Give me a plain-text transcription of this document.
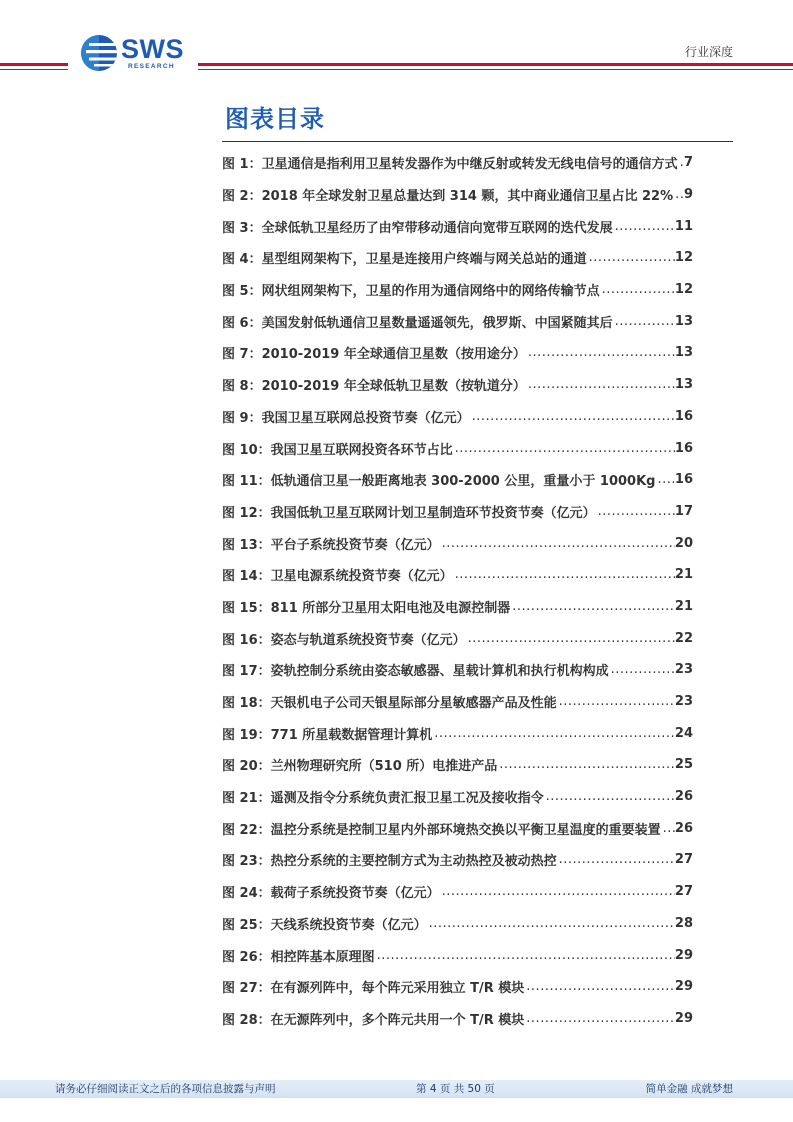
SWS
RESEARCH
行业深度
图表目录
图 1：卫星通信是指利用卫星转发器作为中继反射或转发无线电信号的通信方式 ..... 7
图 2：2018 年全球发射卫星总量达到 314 颗，其中商业通信卫星占比 22% ..... 9
图 3：全球低轨卫星经历了由窄带移动通信向宽带互联网的迭代发展 .....	11
图 4：星型组网架构下，卫星是连接用户终端与网关总站的通道 .....	12
图 5：网状组网架构下，卫星的作用为通信网络中的网络传输节点 .....	12
图 6：美国发射低轨通信卫星数量遥遥领先，俄罗斯、中国紧随其后 .....	13
图 7：2010-2019 年全球通信卫星数（按用途分） .....	13
图 8：2010-2019 年全球低轨卫星数（按轨道分） .....	13
图 9：我国卫星互联网总投资节奏（亿元） .....	16
图 10：我国卫星互联网投资各环节占比 .....	16
图 11：低轨通信卫星一般距离地表 300-2000 公里，重量小于 1000Kg ..... 16
图 12：我国低轨卫星互联网计划卫星制造环节投资节奏（亿元） .....	17
图 13：平台子系统投资节奏（亿元） .....	20
图 14：卫星电源系统投资节奏（亿元） .....	21
图 15：811 所部分卫星用太阳电池及电源控制器 .....	21
图 16：姿态与轨道系统投资节奏（亿元） .....	22
图 17：姿轨控制分系统由姿态敏感器、星载计算机和执行机构构成 .....	23
图 18：天银机电子公司天银星际部分星敏感器产品及性能 .....	23
图 19：771 所星载数据管理计算机 .....	24
图 20：兰州物理研究所（510 所）电推进产品 .....	25
图 21：遥测及指令分系统负责汇报卫星工况及接收指令 .....	26
图 22：温控分系统是控制卫星内外部环境热交换以平衡卫星温度的重要装置 ..... 26
图 23：热控分系统的主要控制方式为主动热控及被动热控 .....	27
图 24：载荷子系统投资节奏（亿元） .....	27
图 25：天线系统投资节奏（亿元） .....	28
图 26：相控阵基本原理图 .....	29
图 27：在有源列阵中，每个阵元采用独立 T/R 模块 .....	29
图 28：在无源阵列中，多个阵元共用一个 T/R 模块 .....	29
请务必仔细阅读正文之后的各项信息披露与声明	第 4 页 共 50 页	简单金融 成就梦想
